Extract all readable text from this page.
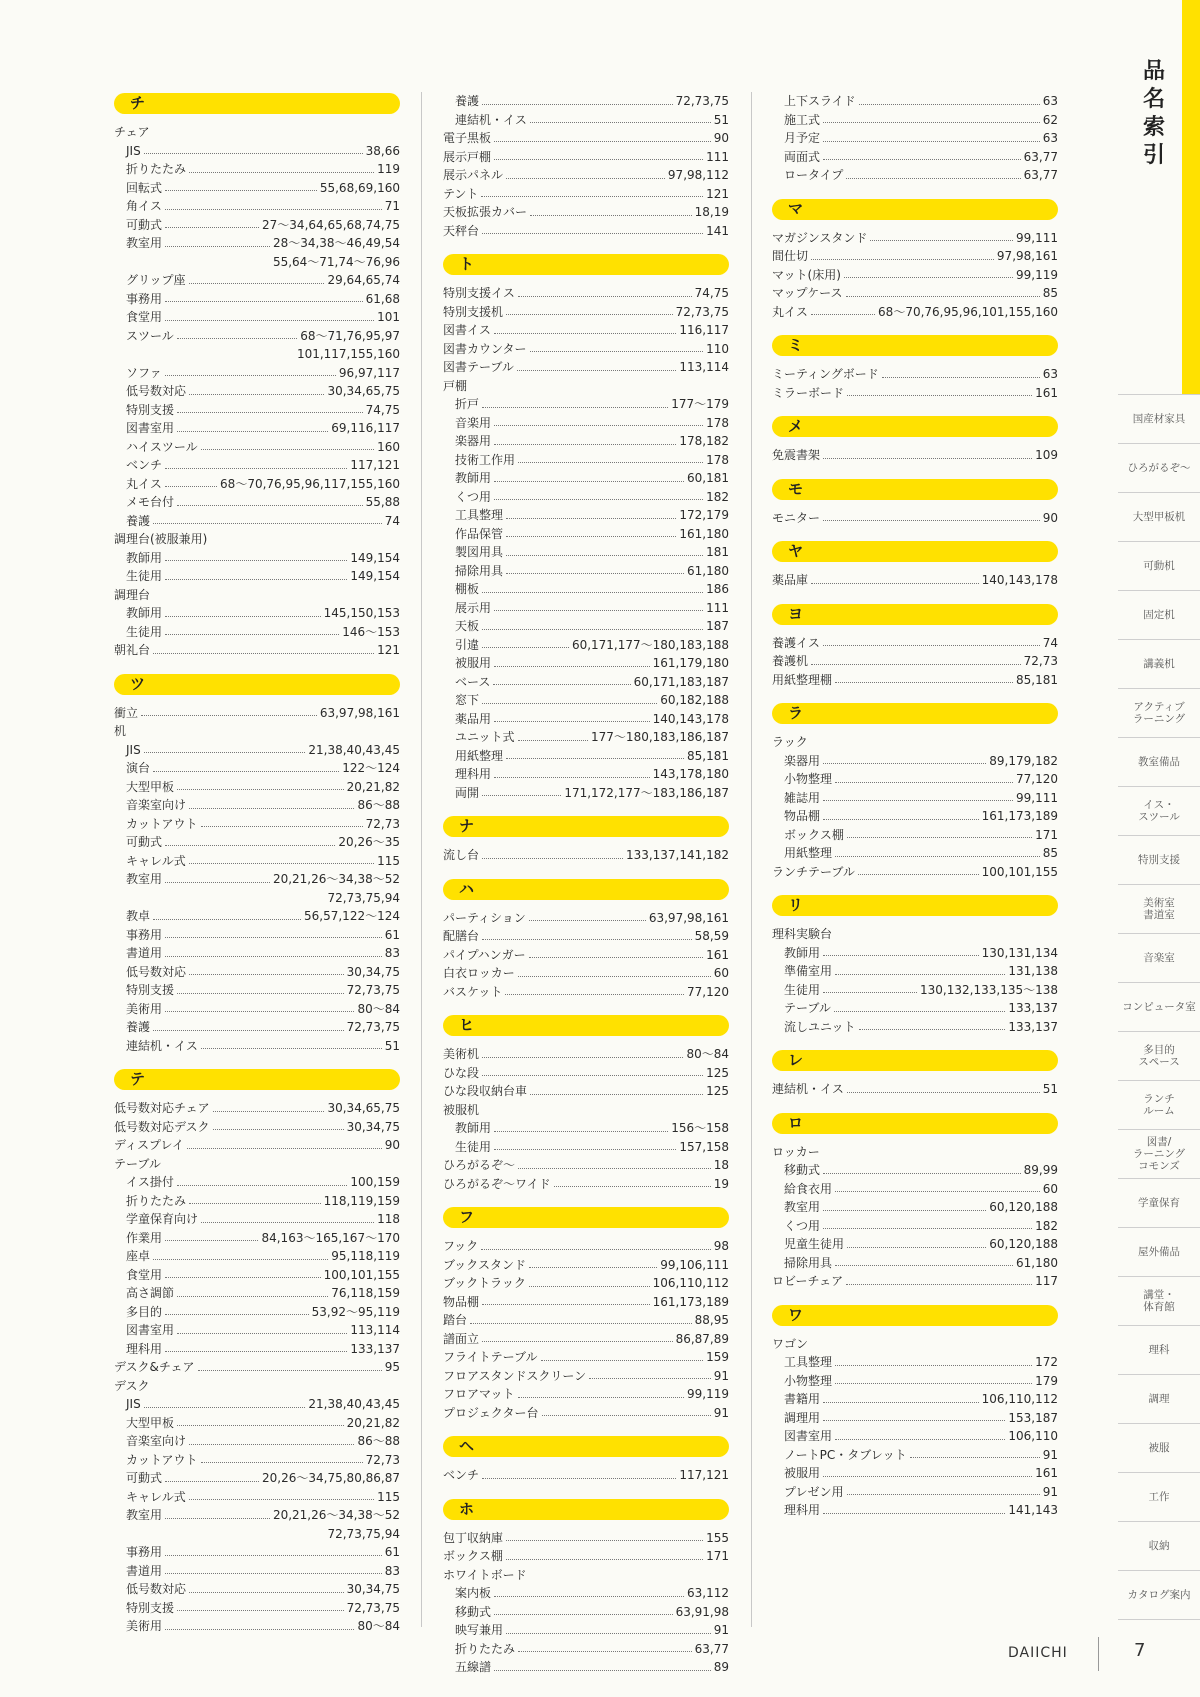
チ
チェア
JIS	38,66
折りたたみ	119
回転式	55,68,69,160
角イス	71
可動式	27～34,64,65,68,74,75
教室用	28～34,38～46,49,54
55,64～71,74～76,96
グリップ座	29,64,65,74
事務用	61,68
食堂用	101
スツール	68～71,76,95,97
101,117,155,160
ソファ	96,97,117
低号数対応	30,34,65,75
特別支援	74,75
図書室用	69,116,117
ハイスツール	160
ベンチ	117,121
丸イス	68～70,76,95,96,117,155,160
メモ台付	55,88
養護	74
調理台(被服兼用)
教師用	149,154
生徒用	149,154
調理台
教師用	145,150,153
生徒用	146～153
朝礼台	121
ツ
衝立	63,97,98,161
机
JIS	21,38,40,43,45
演台	122～124
大型甲板	20,21,82
音楽室向け	86～88
カットアウト	72,73
可動式	20,26～35
キャレル式	115
教室用	20,21,26～34,38～52
72,73,75,94
教卓	56,57,122～124
事務用	61
書道用	83
低号数対応	30,34,75
特別支援	72,73,75
美術用	80～84
養護	72,73,75
連結机・イス	51
テ
低号数対応チェア	30,34,65,75
低号数対応デスク	30,34,75
ディスプレイ	90
テーブル
イス掛付	100,159
折りたたみ	118,119,159
学童保育向け	118
作業用	84,163～165,167～170
座卓	95,118,119
食堂用	100,101,155
高さ調節	76,118,159
多目的	53,92～95,119
図書室用	113,114
理科用	133,137
デスク&チェア	95
デスク
JIS	21,38,40,43,45
大型甲板	20,21,82
音楽室向け	86～88
カットアウト	72,73
可動式	20,26～34,75,80,86,87
キャレル式	115
教室用	20,21,26～34,38～52
72,73,75,94
事務用	61
書道用	83
低号数対応	30,34,75
特別支援	72,73,75
美術用	80～84
養護	72,73,75
連結机・イス	51
電子黒板	90
展示戸棚	111
展示パネル	97,98,112
テント	121
天板拡張カバー	18,19
天秤台	141
ト
特別支援イス	74,75
特別支援机	72,73,75
図書イス	116,117
図書カウンター	110
図書テーブル	113,114
戸棚
折戸	177～179
音楽用	178
楽器用	178,182
技術工作用	178
教師用	60,181
くつ用	182
工具整理	172,179
作品保管	161,180
製図用具	181
掃除用具	61,180
棚板	186
展示用	111
天板	187
引違	60,171,177～180,183,188
被服用	161,179,180
ベース	60,171,183,187
窓下	60,182,188
薬品用	140,143,178
ユニット式	177～180,183,186,187
用紙整理	85,181
理科用	143,178,180
両開	171,172,177～183,186,187
ナ
流し台	133,137,141,182
ハ
パーティション	63,97,98,161
配膳台	58,59
パイプハンガー	161
白衣ロッカー	60
バスケット	77,120
ヒ
美術机	80～84
ひな段	125
ひな段収納台車	125
被服机
教師用	156～158
生徒用	157,158
ひろがるぞ～	18
ひろがるぞ～ワイド	19
フ
フック	98
ブックスタンド	99,106,111
ブックトラック	106,110,112
物品棚	161,173,189
踏台	88,95
譜面立	86,87,89
フライトテーブル	159
フロアスタンドスクリーン	91
フロアマット	99,119
プロジェクター台	91
ヘ
ベンチ	117,121
ホ
包丁収納庫	155
ボックス棚	171
ホワイトボード
案内板	63,112
移動式	63,91,98
映写兼用	91
折りたたみ	63,77
五線譜	89
上下スライド	63
施工式	62
月予定	63
両面式	63,77
ロータイプ	63,77
マ
マガジンスタンド	99,111
間仕切	97,98,161
マット(床用)	99,119
マップケース	85
丸イス	68～70,76,95,96,101,155,160
ミ
ミーティングボード	63
ミラーボード	161
メ
免震書架	109
モ
モニター	90
ヤ
薬品庫	140,143,178
ヨ
養護イス	74
養護机	72,73
用紙整理棚	85,181
ラ
ラック
楽器用	89,179,182
小物整理	77,120
雑誌用	99,111
物品棚	161,173,189
ボックス棚	171
用紙整理	85
ランチテーブル	100,101,155
リ
理科実験台
教師用	130,131,134
準備室用	131,138
生徒用	130,132,133,135～138
テーブル	133,137
流しユニット	133,137
レ
連結机・イス	51
ロ
ロッカー
移動式	89,99
給食衣用	60
教室用	60,120,188
くつ用	182
児童生徒用	60,120,188
掃除用具	61,180
ロビーチェア	117
ワ
ワゴン
工具整理	172
小物整理	179
書籍用	106,110,112
調理用	153,187
図書室用	106,110
ノートPC・タブレット	91
被服用	161
プレゼン用	91
理科用	141,143
品
名
索
引
国産材家具
ひろがるぞ～
大型甲板机
可動机
固定机
講義机
アクティブ
ラーニング
教室備品
イス・
スツール
特別支援
美術室
書道室
音楽室
コンピュータ室
多目的
スペース
ランチ
ルーム
図書/
ラーニング
コモンズ
学童保育
屋外備品
講堂・
体育館
理科
調理
被服
工作
収納
カタログ案内
DAIICHI	7
